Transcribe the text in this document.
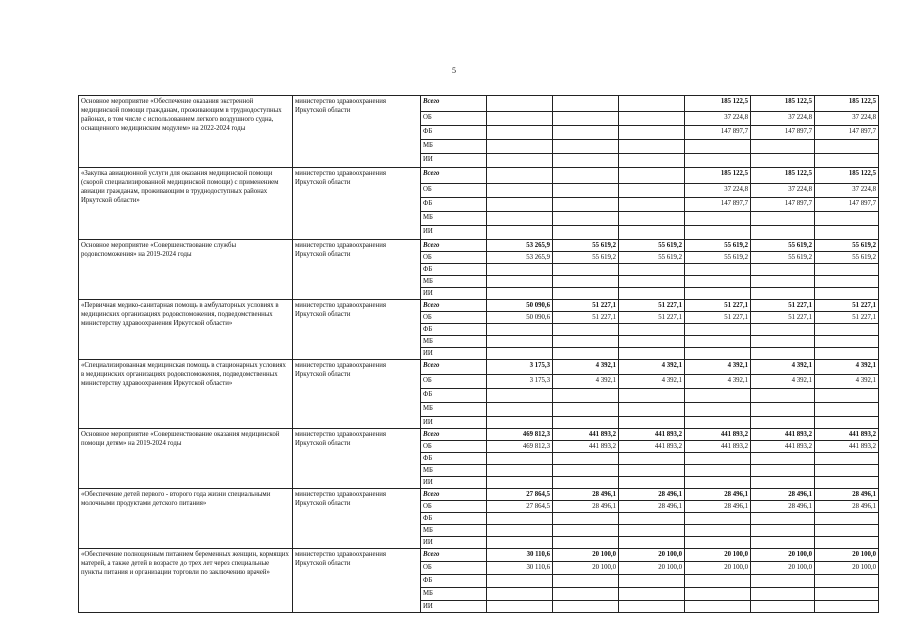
5
Основное мероприятие «Обеспечение оказания экстренной медицинской помощи гражданам, проживающим в труднодоступных районах, в том числе с использованием легкого воздушного судна, оснащенного медицинским модулем» на 2022-2024 годы	министерство здравоохранения Иркутской области	Всего				185 122,5	185 122,5	185 122,5
		ОБ				37 224,8	37 224,8	37 224,8
		ФБ				147 897,7	147 897,7	147 897,7
		МБ						
		ИИ						
«Закупка авиационной услуги для оказания медицинской помощи (скорой специализированной медицинской помощи) с применением авиации гражданам, проживающим в труднодоступных районах Иркутской области»	министерство здравоохранения Иркутской области	Всего				185 122,5	185 122,5	185 122,5
		ОБ				37 224,8	37 224,8	37 224,8
		ФБ				147 897,7	147 897,7	147 897,7
		МБ						
		ИИ						
Основное мероприятие «Совершенствование службы родовспоможения» на 2019-2024 годы	министерство здравоохранения Иркутской области	Всего	53 265,9	55 619,2	55 619,2	55 619,2	55 619,2	55 619,2
		ОБ	53 265,9	55 619,2	55 619,2	55 619,2	55 619,2	55 619,2
		ФБ						
		МБ						
		ИИ						
«Первичная медико-санитарная помощь в амбулаторных условиях в медицинских организациях родовспоможения, подведомственных министерству здравоохранения Иркутской области»	министерство здравоохранения Иркутской области	Всего	50 090,6	51 227,1	51 227,1	51 227,1	51 227,1	51 227,1
		ОБ	50 090,6	51 227,1	51 227,1	51 227,1	51 227,1	51 227,1
		ФБ						
		МБ						
		ИИ						
«Специализированная медицинская помощь в стационарных условиях в медицинских организациях родовспоможения, подведомственных министерству здравоохранения Иркутской области»	министерство здравоохранения Иркутской области	Всего	3 175,3	4 392,1	4 392,1	4 392,1	4 392,1	4 392,1
		ОБ	3 175,3	4 392,1	4 392,1	4 392,1	4 392,1	4 392,1
		ФБ						
		МБ						
		ИИ						
Основное мероприятие «Совершенствование оказания медицинской помощи детям» на 2019-2024 годы	министерство здравоохранения Иркутской области	Всего	469 812,3	441 893,2	441 893,2	441 893,2	441 893,2	441 893,2
		ОБ	469 812,3	441 893,2	441 893,2	441 893,2	441 893,2	441 893,2
		ФБ						
		МБ						
		ИИ						
«Обеспечение детей первого - второго года жизни специальными молочными продуктами детского питания»	министерство здравоохранения Иркутской области	Всего	27 864,5	28 496,1	28 496,1	28 496,1	28 496,1	28 496,1
		ОБ	27 864,5	28 496,1	28 496,1	28 496,1	28 496,1	28 496,1
		ФБ						
		МБ						
		ИИ						
«Обеспечение полноценным питанием беременных женщин, кормящих матерей, а также детей в возрасте до трех лет через специальные пункты питания и организации торговли по заключению врачей»	министерство здравоохранения Иркутской области	Всего	30 110,6	20 100,0	20 100,0	20 100,0	20 100,0	20 100,0
		ОБ	30 110,6	20 100,0	20 100,0	20 100,0	20 100,0	20 100,0
		ФБ						
		МБ						
		ИИ						
